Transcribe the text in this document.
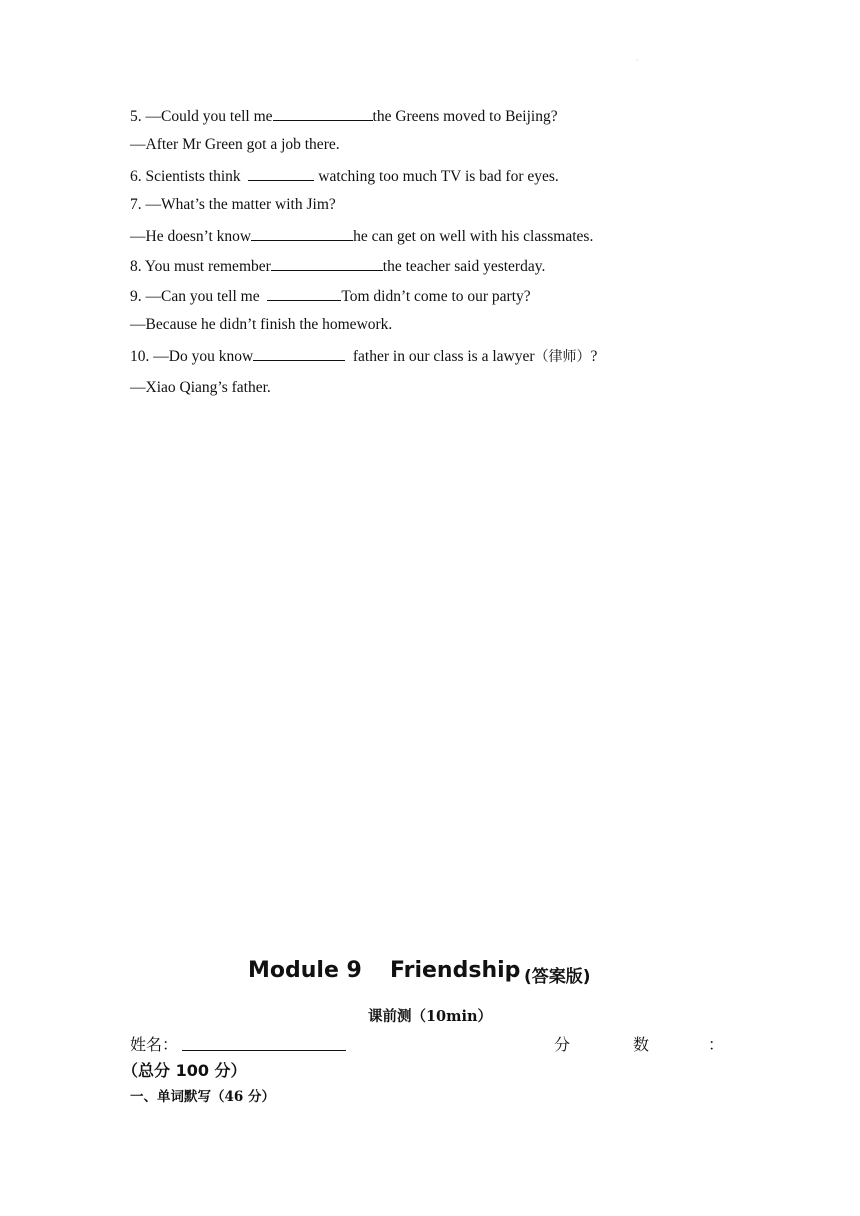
·
5. —Could you tell me	the Greens moved to Beijing?
—After Mr Green got a job there.
6. Scientists think	watching too much TV is bad for eyes.
7. —What’s the matter with Jim?
—He doesn’t know	he can get on well with his classmates.
8. You must remember	the teacher said yesterday.
9. —Can you tell me	Tom didn’t come to our party?
—Because he didn’t finish the homework.
10. —Do you know	father in our class is a lawyer（律师）?
—Xiao Qiang’s father.
Module 9 Friendship (答案版)
课前测（10min）
姓名：	分	数	：
（总分 100 分）
一、单词默写（46 分）
